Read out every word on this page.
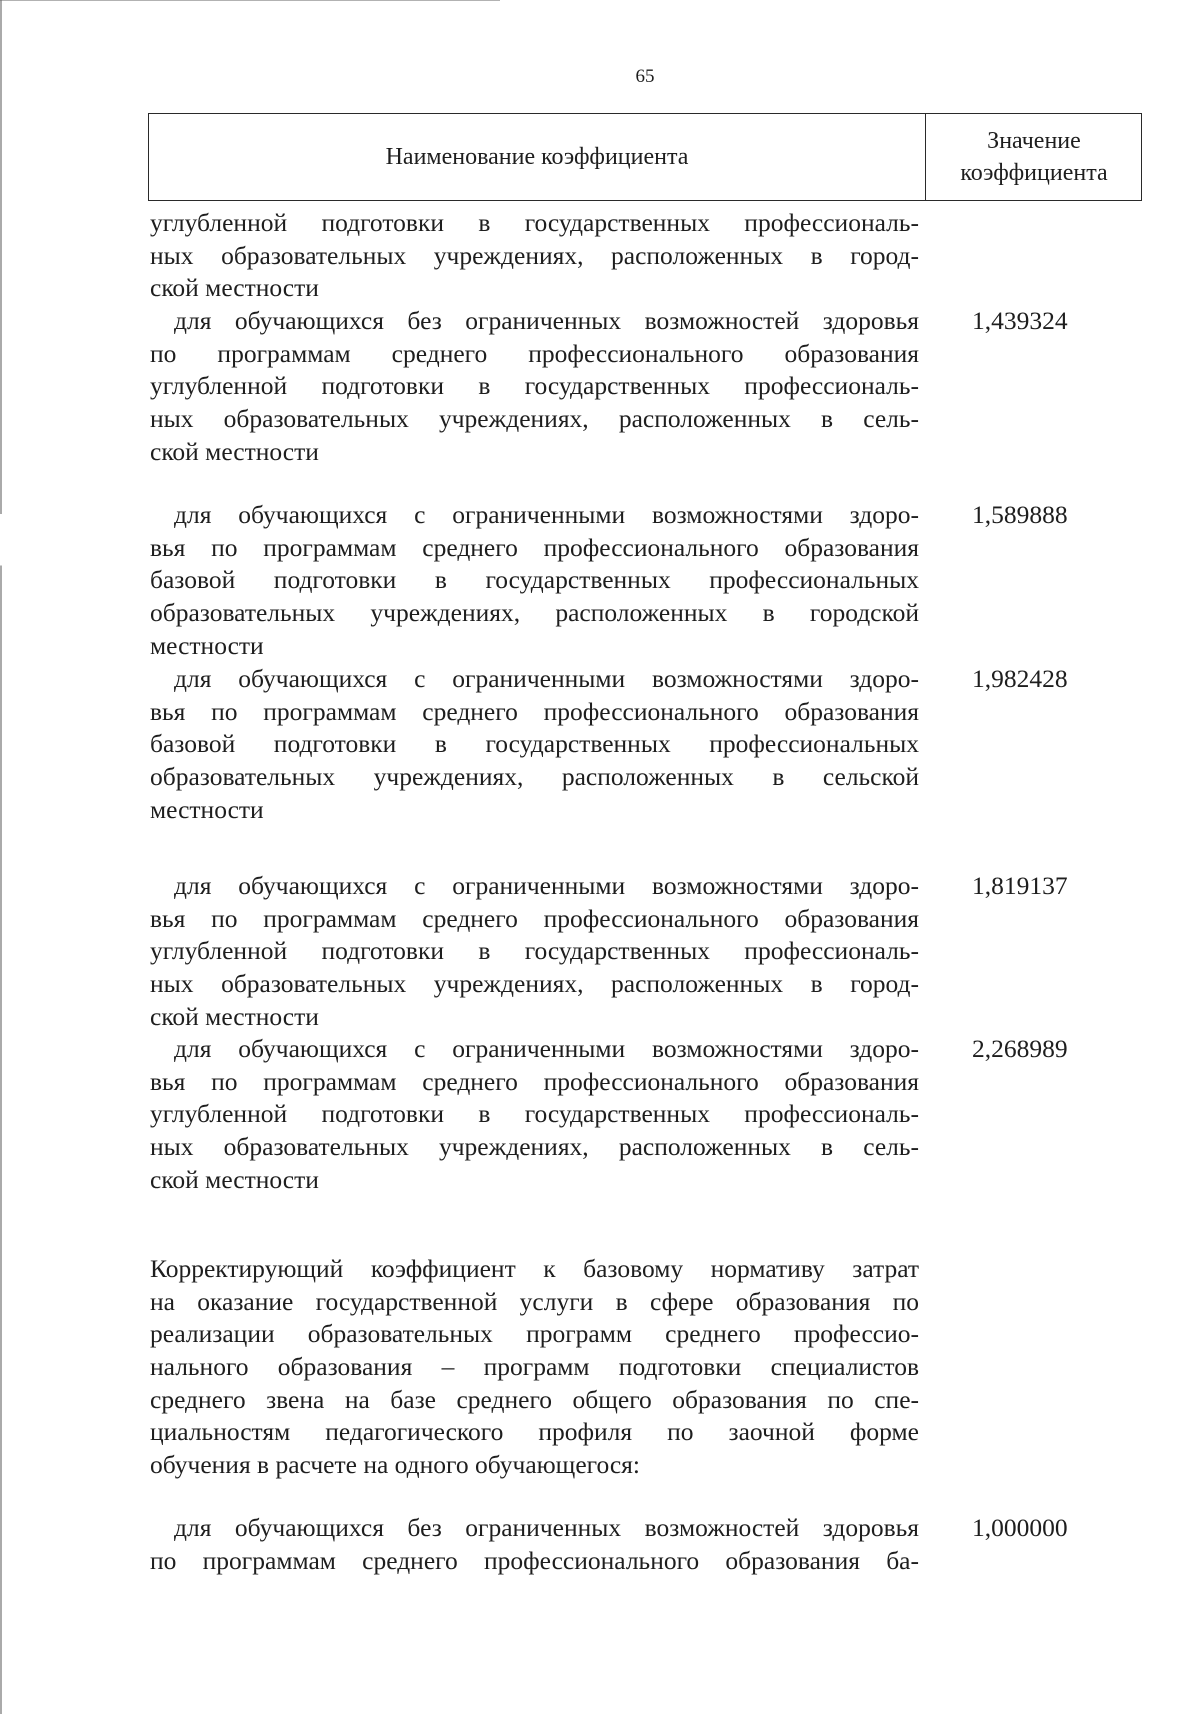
65
Наименование коэффициента
Значение
коэффициента
углубленной подготовки в государственных профессиональ-
ных образовательных учреждениях, расположенных в город-
ской местности
для обучающихся без ограниченных возможностей здоровья
по программам среднего профессионального образования
углубленной подготовки в государственных профессиональ-
ных образовательных учреждениях, расположенных в сель-
ской местности
1,439324
для обучающихся с ограниченными возможностями здоро-
вья по программам среднего профессионального образования
базовой подготовки в государственных профессиональных
образовательных учреждениях, расположенных в городской
местности
1,589888
для обучающихся с ограниченными возможностями здоро-
вья по программам среднего профессионального образования
базовой подготовки в государственных профессиональных
образовательных учреждениях, расположенных в сельской
местности
1,982428
для обучающихся с ограниченными возможностями здоро-
вья по программам среднего профессионального образования
углубленной подготовки в государственных профессиональ-
ных образовательных учреждениях, расположенных в город-
ской местности
1,819137
для обучающихся с ограниченными возможностями здоро-
вья по программам среднего профессионального образования
углубленной подготовки в государственных профессиональ-
ных образовательных учреждениях, расположенных в сель-
ской местности
2,268989
Корректирующий коэффициент к базовому нормативу затрат
на оказание государственной услуги в сфере образования по
реализации образовательных программ среднего профессио-
нального образования – программ подготовки специалистов
среднего звена на базе среднего общего образования по спе-
циальностям педагогического профиля по заочной форме
обучения в расчете на одного обучающегося:
для обучающихся без ограниченных возможностей здоровья
по программам среднего профессионального образования ба-
1,000000
